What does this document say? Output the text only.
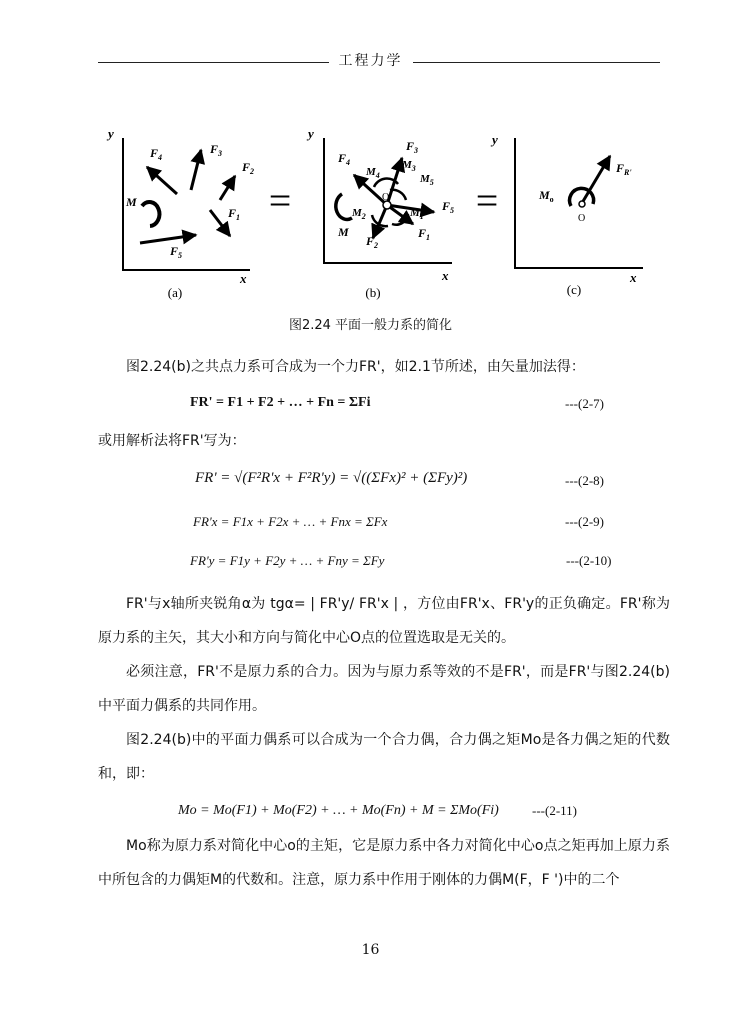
工程力学
y
x
$F_4$
$F_3$
$F_2$
$F_1$
M
$F_5$
(a)
=
y
x
$F_3$
$F_4$
$M_4$
$M_3$
$M_5$
O
$F_5$
$M_2$	$M_1$
M	$F_1$
$F_2$
(b)
=
y
x
$F_{R'}$
$M_o$
O
(c)
图2.24 平面一般力系的简化
图2.24(b)之共点力系可合成为一个力FR'，如2.1节所述，由矢量加法得：
FR' = F1 + F2 + … + Fn = ΣFi	---(2-7)
或用解析法将FR'写为：
FR' = √(F²R'x + F²R'y) = √((ΣFx)² + (ΣFy)²)	---(2-8)
FR'x = F1x + F2x + … + Fnx = ΣFx	---(2-9)
FR'y = F1y + F2y + … + Fny = ΣFy	---(2-10)
FR'与x轴所夹锐角α为 tgα= | FR'y/ FR'x | ，方位由FR'x、FR'y的正负确定。FR'称为原力系的主矢，其大小和方向与简化中心O点的位置选取是无关的。
必须注意，FR'不是原力系的合力。因为与原力系等效的不是FR'，而是FR'与图2.24(b)中平面力偶系的共同作用。
图2.24(b)中的平面力偶系可以合成为一个合力偶，合力偶之矩Mo是各力偶之矩的代数和，即：
Mo = Mo(F1) + Mo(F2) + … + Mo(Fn) + M = ΣMo(Fi)	---(2-11)
Mo称为原力系对简化中心o的主矩，它是原力系中各力对简化中心o点之矩再加上原力系中所包含的力偶矩M的代数和。注意，原力系中作用于刚体的力偶M(F，F ')中的二个
16
